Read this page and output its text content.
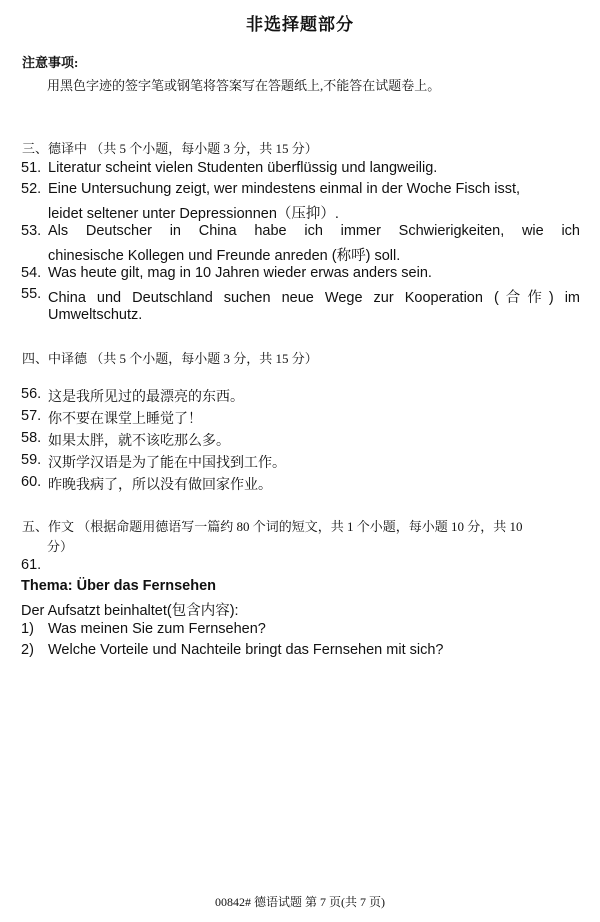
非选择题部分
注意事项:
用黑色字迹的签字笔或钢笔将答案写在答题纸上,不能答在试题卷上。
三、德译中 （共 5 个小题，每小题 3 分，共 15 分）
51. Literatur scheint vielen Studenten überflüssig und langweilig.
52. Eine Untersuchung zeigt, wer mindestens einmal in der Woche Fisch isst,
leidet seltener unter Depressionnen（压抑）.
53. Als Deutscher in China habe ich immer Schwierigkeiten, wie ich
chinesische Kollegen und Freunde anreden (称呼) soll.
54. Was heute gilt, mag in 10 Jahren wieder erwas anders sein.
55. China und Deutschland suchen neue Wege zur Kooperation (合作) im
Umweltschutz.
四、中译德 （共 5 个小题，每小题 3 分，共 15 分）
56. 这是我所见过的最漂亮的东西。
57. 你不要在课堂上睡觉了！
58. 如果太胖，就不该吃那么多。
59. 汉斯学汉语是为了能在中国找到工作。
60. 昨晚我病了，所以没有做回家作业。
五、作文 （根据命题用德语写一篇约 80 个词的短文，共 1 个小题，每小题 10 分，共 10
分）
61.
Thema: Über das Fernsehen
Der Aufsatzt beinhaltet(包含内容):
1) Was meinen Sie zum Fernsehen?
2) Welche Vorteile und Nachteile bringt das Fernsehen mit sich?
00842# 德语试题 第 7 页(共 7 页)
